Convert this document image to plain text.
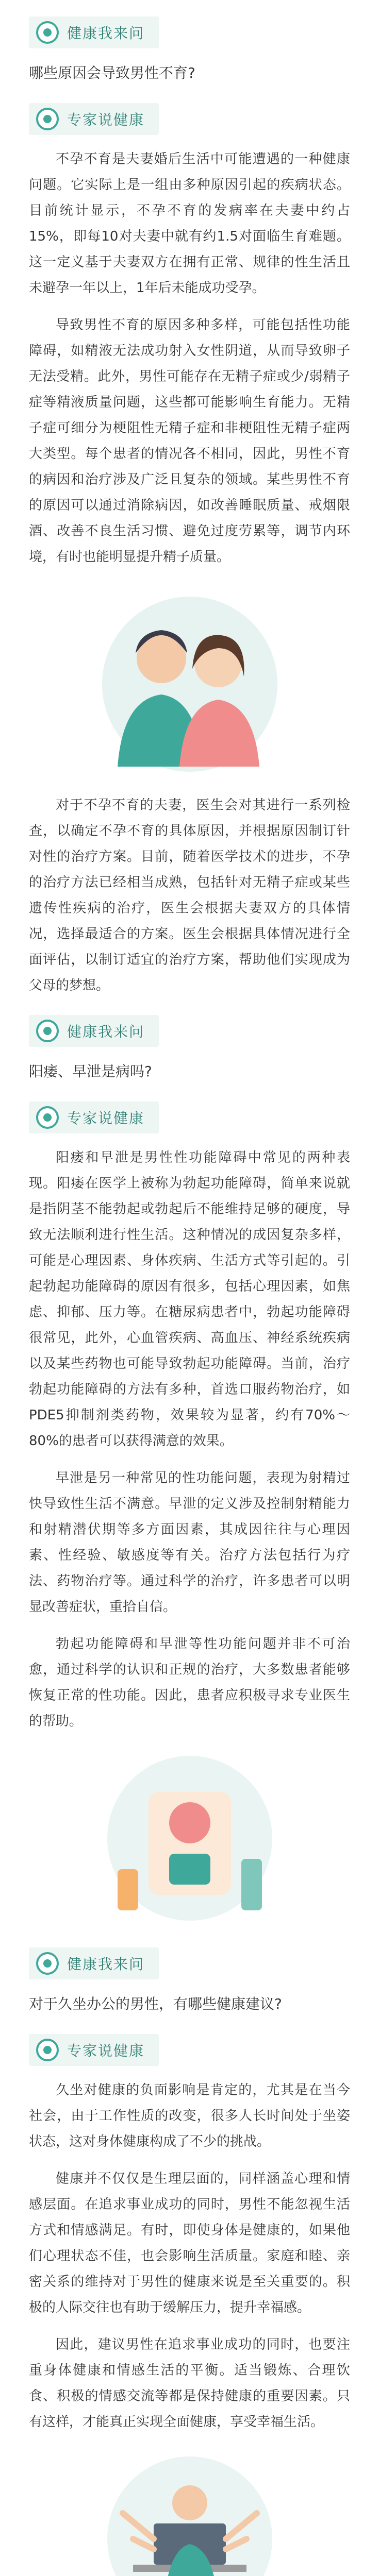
健康我来问
哪些原因会导致男性不育?
专家说健康

不孕不育是夫妻婚后生活中可能遭遇的一种健康问题。它实际上是一组由多种原因引起的疾病状态。目前统计显示，不孕不育的发病率在夫妻中约占15%，即每10对夫妻中就有约1.5对面临生育难题。这一定义基于夫妻双方在拥有正常、规律的性生活且未避孕一年以上，1年后未能成功受孕。

导致男性不育的原因多种多样，可能包括性功能障碍，如精液无法成功射入女性阴道，从而导致卵子无法受精。此外，男性可能存在无精子症或少/弱精子症等精液质量问题，这些都可能影响生育能力。无精子症可细分为梗阻性无精子症和非梗阻性无精子症两大类型。每个患者的情况各不相同，因此，男性不育的病因和治疗涉及广泛且复杂的领域。某些男性不育的原因可以通过消除病因，如改善睡眠质量、戒烟限酒、改善不良生活习惯、避免过度劳累等，调节内环境，有时也能明显提升精子质量。

对于不孕不育的夫妻，医生会对其进行一系列检查，以确定不孕不育的具体原因，并根据原因制订针对性的治疗方案。目前，随着医学技术的进步，不孕的治疗方法已经相当成熟，包括针对无精子症或某些遗传性疾病的治疗，医生会根据夫妻双方的具体情况，选择最适合的方案。医生会根据具体情况进行全面评估，以制订适宜的治疗方案，帮助他们实现成为父母的梦想。

健康我来问
阳痿、早泄是病吗?
专家说健康

阳痿和早泄是男性性功能障碍中常见的两种表现。阳痿在医学上被称为勃起功能障碍，简单来说就是指阴茎不能勃起或勃起后不能维持足够的硬度，导致无法顺利进行性生活。这种情况的成因复杂多样，可能是心理因素、身体疾病、生活方式等引起的。引起勃起功能障碍的原因有很多，包括心理因素，如焦虑、抑郁、压力等。在糖尿病患者中，勃起功能障碍很常见，此外，心血管疾病、高血压、神经系统疾病以及某些药物也可能导致勃起功能障碍。当前，治疗勃起功能障碍的方法有多种，首选口服药物治疗，如PDE5抑制剂类药物，效果较为显著，约有70%～80%的患者可以获得满意的效果。

早泄是另一种常见的性功能问题，表现为射精过快导致性生活不满意。早泄的定义涉及控制射精能力和射精潜伏期等多方面因素，其成因往往与心理因素、性经验、敏感度等有关。治疗方法包括行为疗法、药物治疗等。通过科学的治疗，许多患者可以明显改善症状，重拾自信。

勃起功能障碍和早泄等性功能问题并非不可治愈，通过科学的认识和正规的治疗，大多数患者能够恢复正常的性功能。因此，患者应积极寻求专业医生的帮助。

健康我来问
对于久坐办公的男性，有哪些健康建议?
专家说健康

久坐对健康的负面影响是肯定的，尤其是在当今社会，由于工作性质的改变，很多人长时间处于坐姿状态，这对身体健康构成了不少的挑战。

健康并不仅仅是生理层面的，同样涵盖心理和情感层面。在追求事业成功的同时，男性不能忽视生活方式和情感满足。有时，即使身体是健康的，如果他们心理状态不佳，也会影响生活质量。家庭和睦、亲密关系的维持对于男性的健康来说是至关重要的。积极的人际交往也有助于缓解压力，提升幸福感。

因此，建议男性在追求事业成功的同时，也要注重身体健康和情感生活的平衡。适当锻炼、合理饮食、积极的情感交流等都是保持健康的重要因素。只有这样，才能真正实现全面健康，享受幸福生活。
